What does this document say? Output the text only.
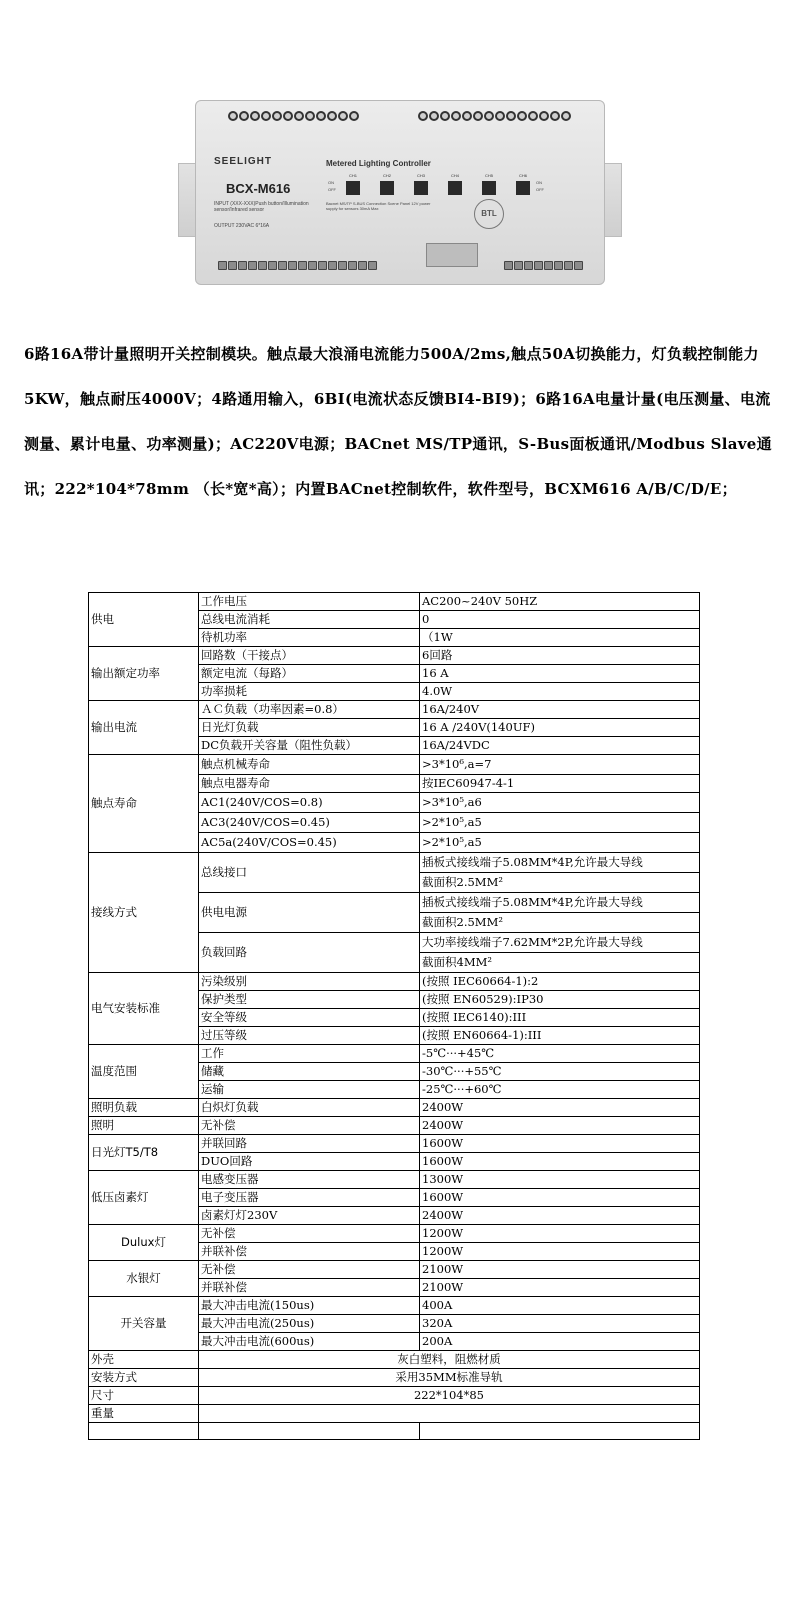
SEELIGHT
BCX-M616
Metered Lighting Controller
INPUT (XXX-XXX)Push button/Illumination sensor/Infrared sensor
OUTPUT 230VAC 6*16A
Bacnet MS/TP S-BUS Connection Scene Panel 12V power supply for sensors 30mA Max
ON
OFF
CH1	CH2	CH3	CH4	CH5	CH6
ON
OFF
BTL

6路16A带计量照明开关控制模块。触点最大浪涌电流能力500A/2ms,触点50A切换能力，灯负载控制能力5KW，触点耐压4000V；4路通用输入，6BI(电流状态反馈BI4-BI9)；6路16A电量计量(电压测量、电流测量、累计电量、功率测量)；AC220V电源；BACnet MS/TP通讯，S-Bus面板通讯/Modbus Slave通讯；222*104*78mm （长*宽*高）；内置BACnet控制软件，软件型号，BCXM616 A/B/C/D/E；

供电	工作电压	AC200~240V 50HZ
	总线电流消耗	0
	待机功率	（1W
输出额定功率	回路数（干接点）	6回路
	额定电流（每路）	16 A
	功率损耗	4.0W
输出电流	ＡＣ负载（功率因素=0.8）	16A/240V
	日光灯负载	16 A /240V(140UF)
	DC负载开关容量（阻性负载）	16A/24VDC
触点寿命	触点机械寿命	>3*10⁶,a=7
	触点电器寿命	按IEC60947-4-1
	AC1(240V/COS=0.8)	>3*10⁵,a6
	AC3(240V/COS=0.45)	>2*10⁵,a5
	AC5a(240V/COS=0.45)	>2*10⁵,a5
接线方式	总线接口	插板式接线端子5.08MM*4P,允许最大导线
		截面积2.5MM²
	供电电源	插板式接线端子5.08MM*4P,允许最大导线
		截面积2.5MM²
	负载回路	大功率接线端子7.62MM*2P,允许最大导线
		截面积4MM²
电气安装标准	污染级别	(按照 IEC60664-1):2
	保护类型	(按照 EN60529):IP30
	安全等级	(按照 IEC6140):III
	过压等级	(按照 EN60664-1):III
温度范围	工作	-5℃···+45℃
	储藏	-30℃···+55℃
	运输	-25℃···+60℃
照明负载	白炽灯负载	2400W
照明	无补偿	2400W
日光灯T5/T8	并联回路	1600W
	DUO回路	1600W
低压卤素灯	电感变压器	1300W
	电子变压器	1600W
	卤素灯灯230V	2400W
Dulux灯	无补偿	1200W
	并联补偿	1200W
水银灯	无补偿	2100W
	并联补偿	2100W
开关容量	最大冲击电流(150us)	400A
	最大冲击电流(250us)	320A
	最大冲击电流(600us)	200A
外壳	灰白塑料，阻燃材质	
安装方式	采用35MM标准导轨	
尺寸	222*104*85	
重量		
